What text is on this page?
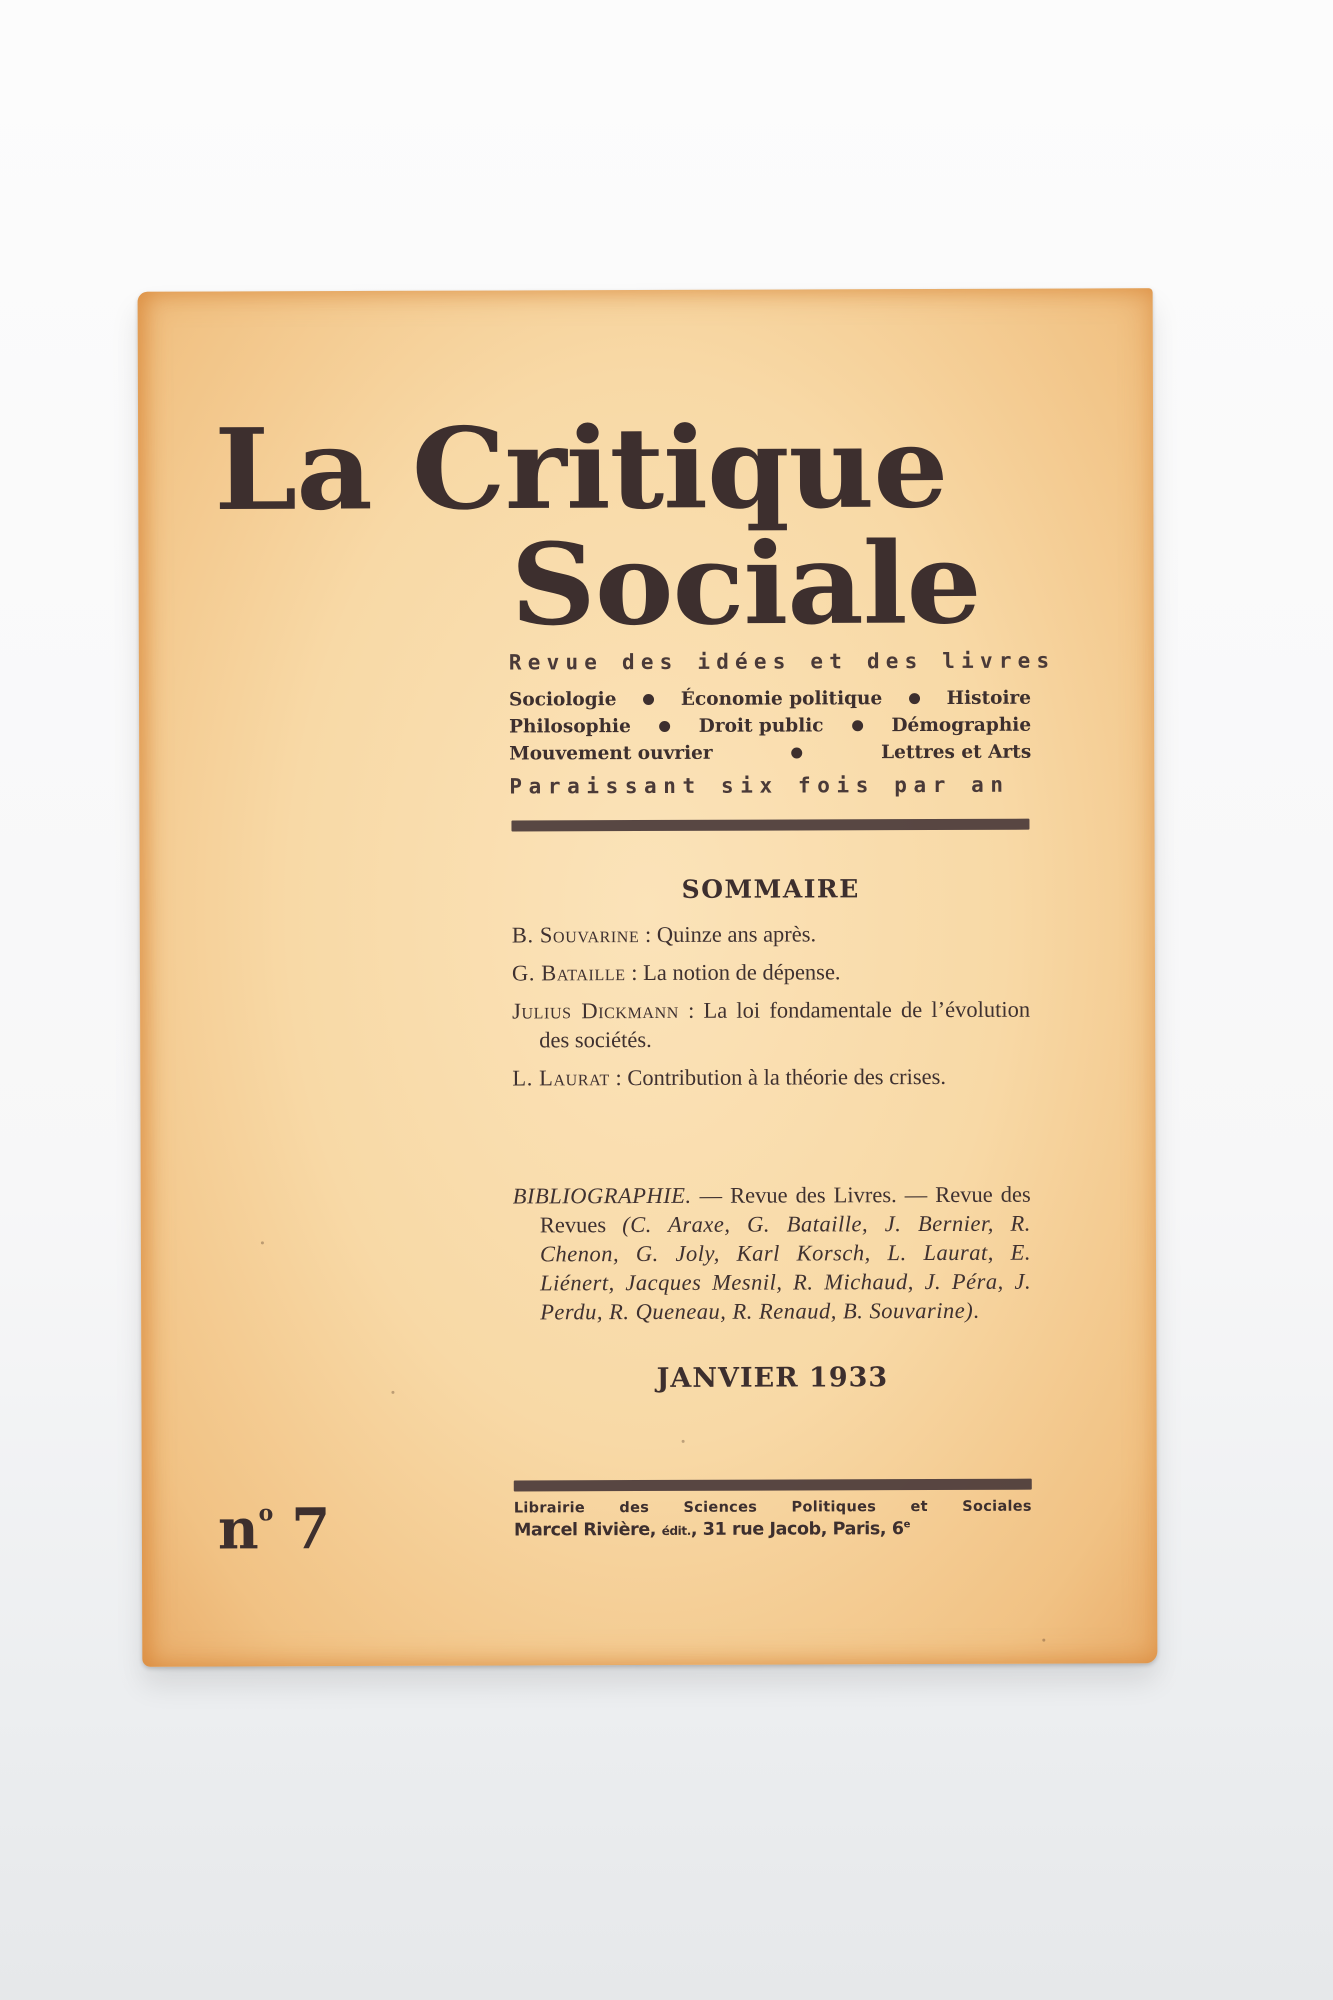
La Critique
Sociale
Revue des idées et des livres
Sociologie	Économie politique	Histoire
Philosophie	Droit public	Démographie
Mouvement ouvrier	Lettres et Arts
Paraissant six fois par an
SOMMAIRE
B. Souvarine : Quinze ans après.
G. Bataille : La notion de dépense.
Julius Dickmann : La loi fondamentale de l’évolution des sociétés.
L. Laurat : Contribution à la théorie des crises.
BIBLIOGRAPHIE. — Revue des Livres. — Revue des Revues (C. Araxe, G. Bataille, J. Bernier, R. Chenon, G. Joly, Karl Korsch, L. Laurat, E. Liénert, Jacques Mesnil, R. Michaud, J. Péra, J. Perdu, R. Queneau, R. Renaud, B. Souvarine).
JANVIER 1933
$n^o$ 7	Librairie des Sciences Politiques et Sociales
Marcel Rivière, édit., 31 rue Jacob, Paris, 6e
